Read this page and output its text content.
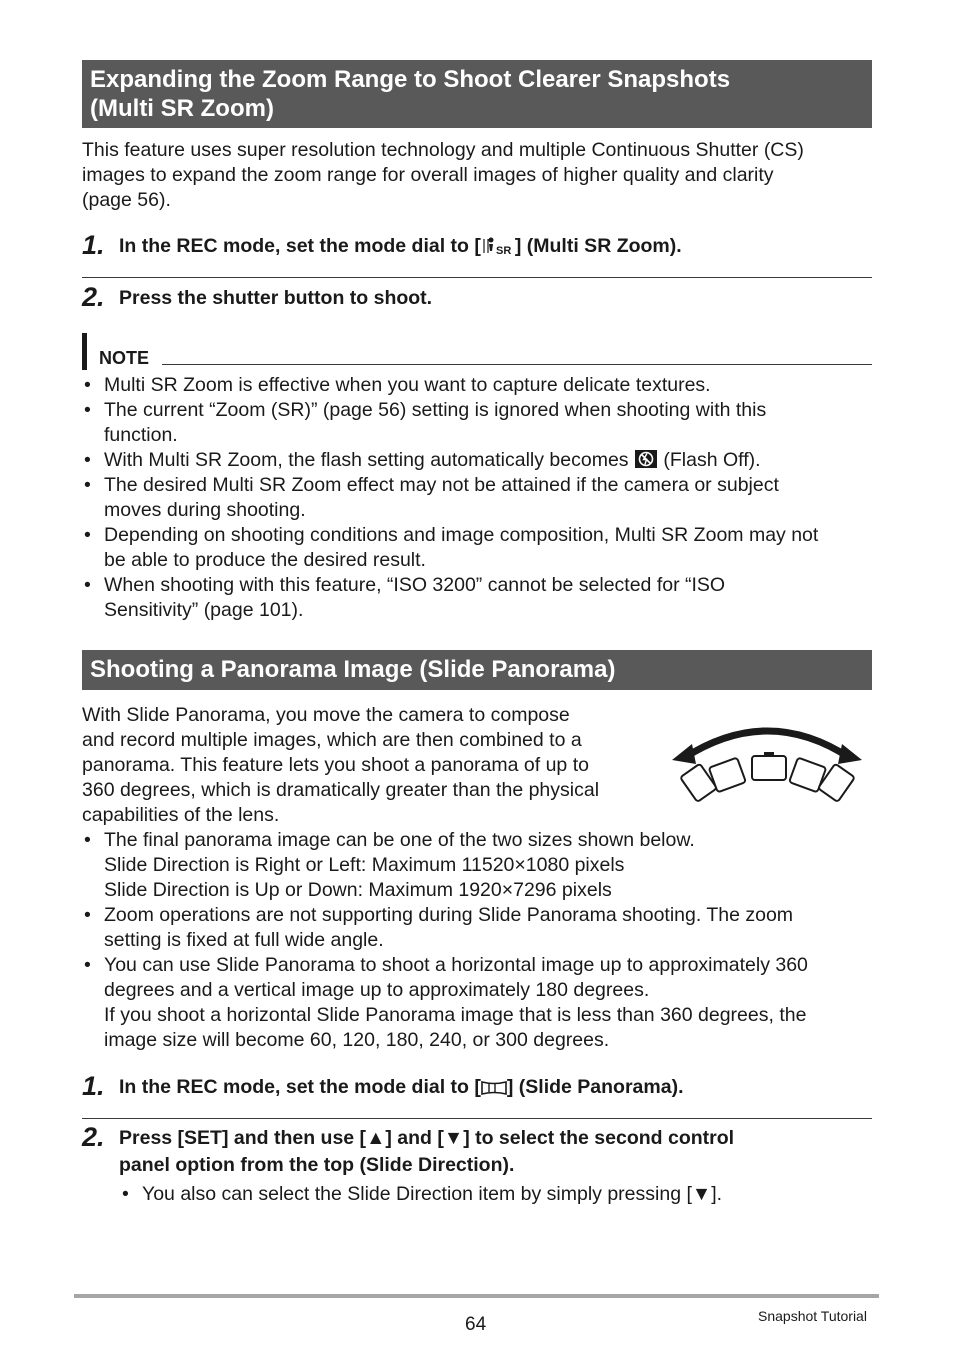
Expanding the Zoom Range to Shoot Clearer Snapshots
(Multi SR Zoom)
This feature uses super resolution technology and multiple Continuous Shutter (CS)
images to expand the zoom range for overall images of higher quality and clarity
(page 56).
1. In the REC mode, set the mode dial to [ SR ] (Multi SR Zoom).
2. Press the shutter button to shoot.
NOTE
• Multi SR Zoom is effective when you want to capture delicate textures.
• The current “Zoom (SR)” (page 56) setting is ignored when shooting with this
function.
• With Multi SR Zoom, the flash setting automatically becomes  (Flash Off).
• The desired Multi SR Zoom effect may not be attained if the camera or subject
moves during shooting.
• Depending on shooting conditions and image composition, Multi SR Zoom may not
be able to produce the desired result.
• When shooting with this feature, “ISO 3200” cannot be selected for “ISO
Sensitivity” (page 101).
Shooting a Panorama Image (Slide Panorama)
With Slide Panorama, you move the camera to compose
and record multiple images, which are then combined to a
panorama. This feature lets you shoot a panorama of up to
360 degrees, which is dramatically greater than the physical
capabilities of the lens.
• The final panorama image can be one of the two sizes shown below.
Slide Direction is Right or Left: Maximum 11520×1080 pixels
Slide Direction is Up or Down: Maximum 1920×7296 pixels
• Zoom operations are not supporting during Slide Panorama shooting. The zoom
setting is fixed at full wide angle.
• You can use Slide Panorama to shoot a horizontal image up to approximately 360
degrees and a vertical image up to approximately 180 degrees.
If you shoot a horizontal Slide Panorama image that is less than 360 degrees, the
image size will become 60, 120, 180, 240, or 300 degrees.
1. In the REC mode, set the mode dial to [ ] (Slide Panorama).
2. Press [SET] and then use [▲] and [▼] to select the second control
panel option from the top (Slide Direction).
• You also can select the Slide Direction item by simply pressing [▼].
64	Snapshot Tutorial
